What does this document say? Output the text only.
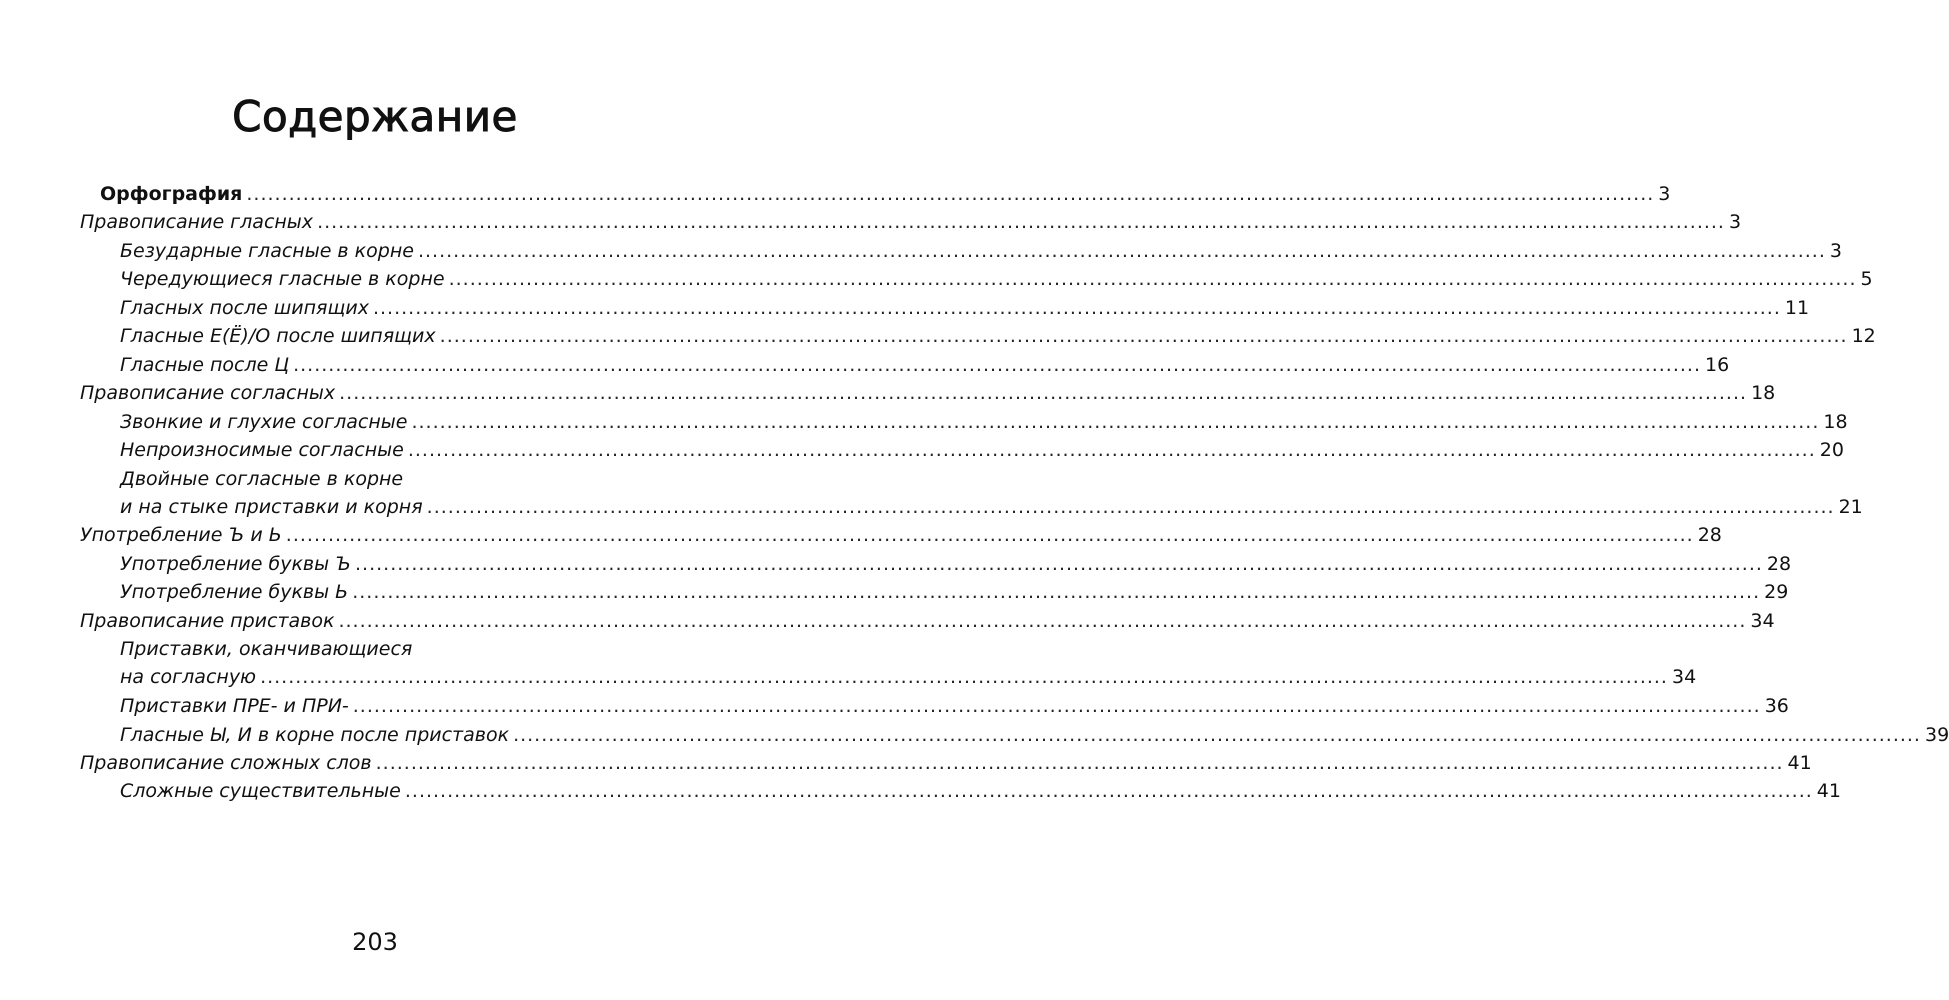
Содержание
Орфография ........................................................................................................................................................................................................ 3
Правописание гласных ........................................................................................................................................................................................................ 3
Безударные гласные в корне ........................................................................................................................................................................................................ 3
Чередующиеся гласные в корне ........................................................................................................................................................................................................ 5
Гласных после шипящих ........................................................................................................................................................................................................ 11
Гласные Е(Ё)/О после шипящих ........................................................................................................................................................................................................ 12
Гласные после Ц ........................................................................................................................................................................................................ 16
Правописание согласных ........................................................................................................................................................................................................ 18
Звонкие и глухие согласные ........................................................................................................................................................................................................ 18
Непроизносимые согласные ........................................................................................................................................................................................................ 20
Двойные согласные в корне
и на стыке приставки и корня ........................................................................................................................................................................................................ 21
Употребление Ъ и Ь ........................................................................................................................................................................................................ 28
Употребление буквы Ъ ........................................................................................................................................................................................................ 28
Употребление буквы Ь ........................................................................................................................................................................................................ 29
Правописание приставок ........................................................................................................................................................................................................ 34
Приставки, оканчивающиеся
на согласную ........................................................................................................................................................................................................ 34
Приставки ПРЕ- и ПРИ- ........................................................................................................................................................................................................ 36
Гласные Ы, И в корне после приставок ........................................................................................................................................................................................................ 39
Правописание сложных слов ........................................................................................................................................................................................................ 41
Сложные существительные ........................................................................................................................................................................................................ 41
203
